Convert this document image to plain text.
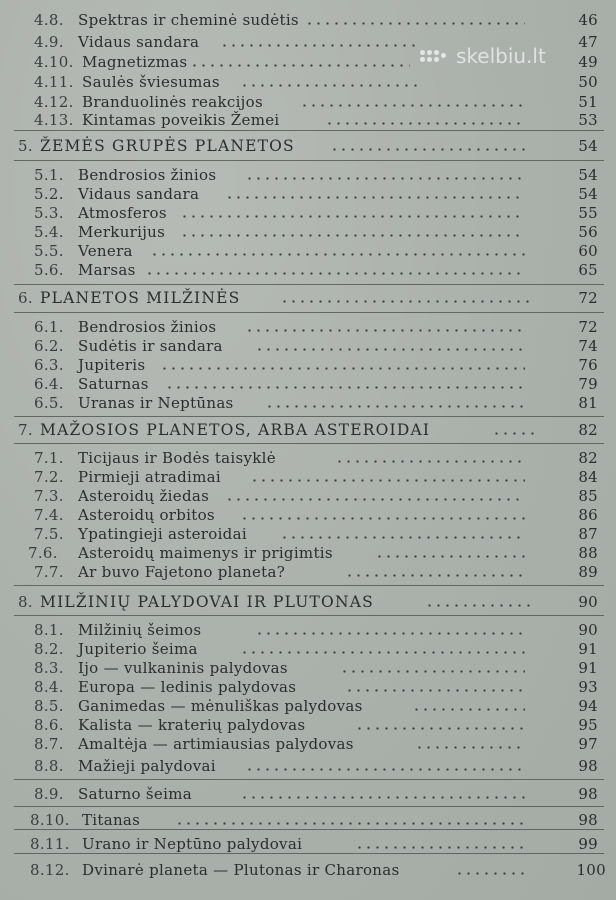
skelbiu.lt
4.8. Spektras ir cheminė sudėtis	46
4.9. Vidaus sandara	47
4.10. Magnetizmas	49
4.11. Saulės šviesumas	50
4.12. Branduolinės reakcijos	51
4.13. Kintamas poveikis Žemei	53
5. ŽEMĖS GRUPĖS PLANETOS	54
5.1. Bendrosios žinios	54
5.2. Vidaus sandara	54
5.3. Atmosferos	55
5.4. Merkurijus	56
5.5. Venera	60
5.6. Marsas	65
6. PLANETOS MILŽINĖS	72
6.1. Bendrosios žinios	72
6.2. Sudėtis ir sandara	74
6.3. Jupiteris	76
6.4. Saturnas	79
6.5. Uranas ir Neptūnas	81
7. MAŽOSIOS PLANETOS, ARBA ASTEROIDAI	82
7.1. Ticijaus ir Bodės taisyklė	82
7.2. Pirmieji atradimai	84
7.3. Asteroidų žiedas	85
7.4. Asteroidų orbitos	86
7.5. Ypatingieji asteroidai	87
7.6. Asteroidų maimenys ir prigimtis	88
7.7. Ar buvo Fajetono planeta?	89
8. MILŽINIŲ PALYDOVAI IR PLUTONAS	90
8.1. Milžinių šeimos	90
8.2. Jupiterio šeima	91
8.3. Ijo — vulkaninis palydovas	91
8.4. Europa — ledinis palydovas	93
8.5. Ganimedas — mėnuliškas palydovas	94
8.6. Kalista — kraterių palydovas	95
8.7. Amaltėja — artimiausias palydovas	97
8.8. Mažieji palydovai	98
8.9. Saturno šeima	98
8.10. Titanas	98
8.11. Urano ir Neptūno palydovai	99
8.12. Dvinarė planeta — Plutonas ir Charonas	100
